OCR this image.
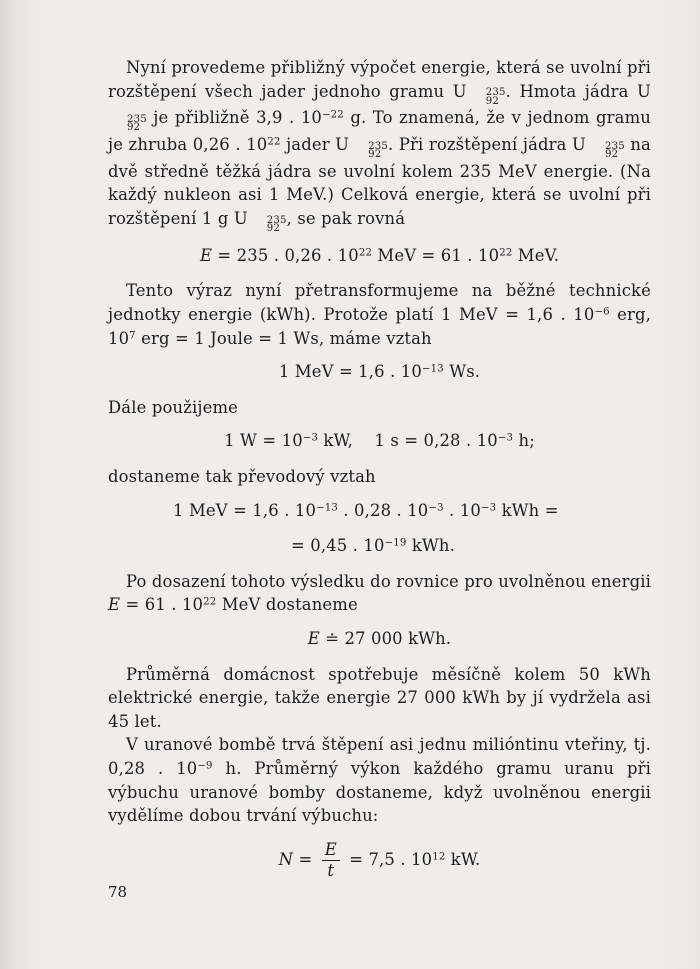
Nyní provedeme přibližný výpočet energie, která se uvolní při rozštěpení všech jader jednoho gramu U	235
92
. Hmota jádra U
235
92
je přibližně 3,9 . $10^{-22}$ g. To znamená, že v jednom gramu je zhruba 0,26 . $10^{22}$ jader U	235
92
. Při rozštěpení jádra U	235
92
na dvě středně těžká jádra se uvolní kolem 235 MeV energie. (Na každý nukleon asi 1 MeV.) Celková energie, která se uvolní při rozštěpení 1 g U	235
92
, se pak rovná

E = 235 . 0,26 . $10^{22}$ MeV = 61 . $10^{22}$ MeV.

Tento výraz nyní přetransformujeme na běžné technické jednotky energie (kWh). Protože platí 1 MeV = 1,6 . $10^{-6}$ erg, $10^7$ erg = 1 Joule = 1 Ws, máme vztah

1 MeV = 1,6 . $10^{-13}$ Ws.

Dále použijeme

1 $W = 10^{-3}$ kW,    1 s = 0,28 . $10^{-3}$ h;

dostaneme tak převodový vztah

1 MeV = 1,6 . $10^{-13}$ . 0,28 . $10^{-3}$ . $10^{-3}$ kWh =
= 0,45 . $10^{-19}$ kWh.

Po dosazení tohoto výsledku do rovnice pro uvolněnou energii E = 61 . $10^{22}$ MeV dostaneme

E ≐ 27 000 kWh.

Průměrná domácnost spotřebuje měsíčně kolem 50 kWh elektrické energie, takže energie 27 000 kWh by jí vydržela asi 45 let.

V uranové bombě trvá štěpení asi jednu milióntinu vteřiny, tj. 0,28 . $10^{-9}$ h. Průměrný výkon každého gramu uranu při výbuchu uranové bomby dostaneme, když uvolněnou energii vydělíme dobou trvání výbuchu:

$N = \frac{E}{t} = 7,5$ . $10^{12}$ kW.
78
